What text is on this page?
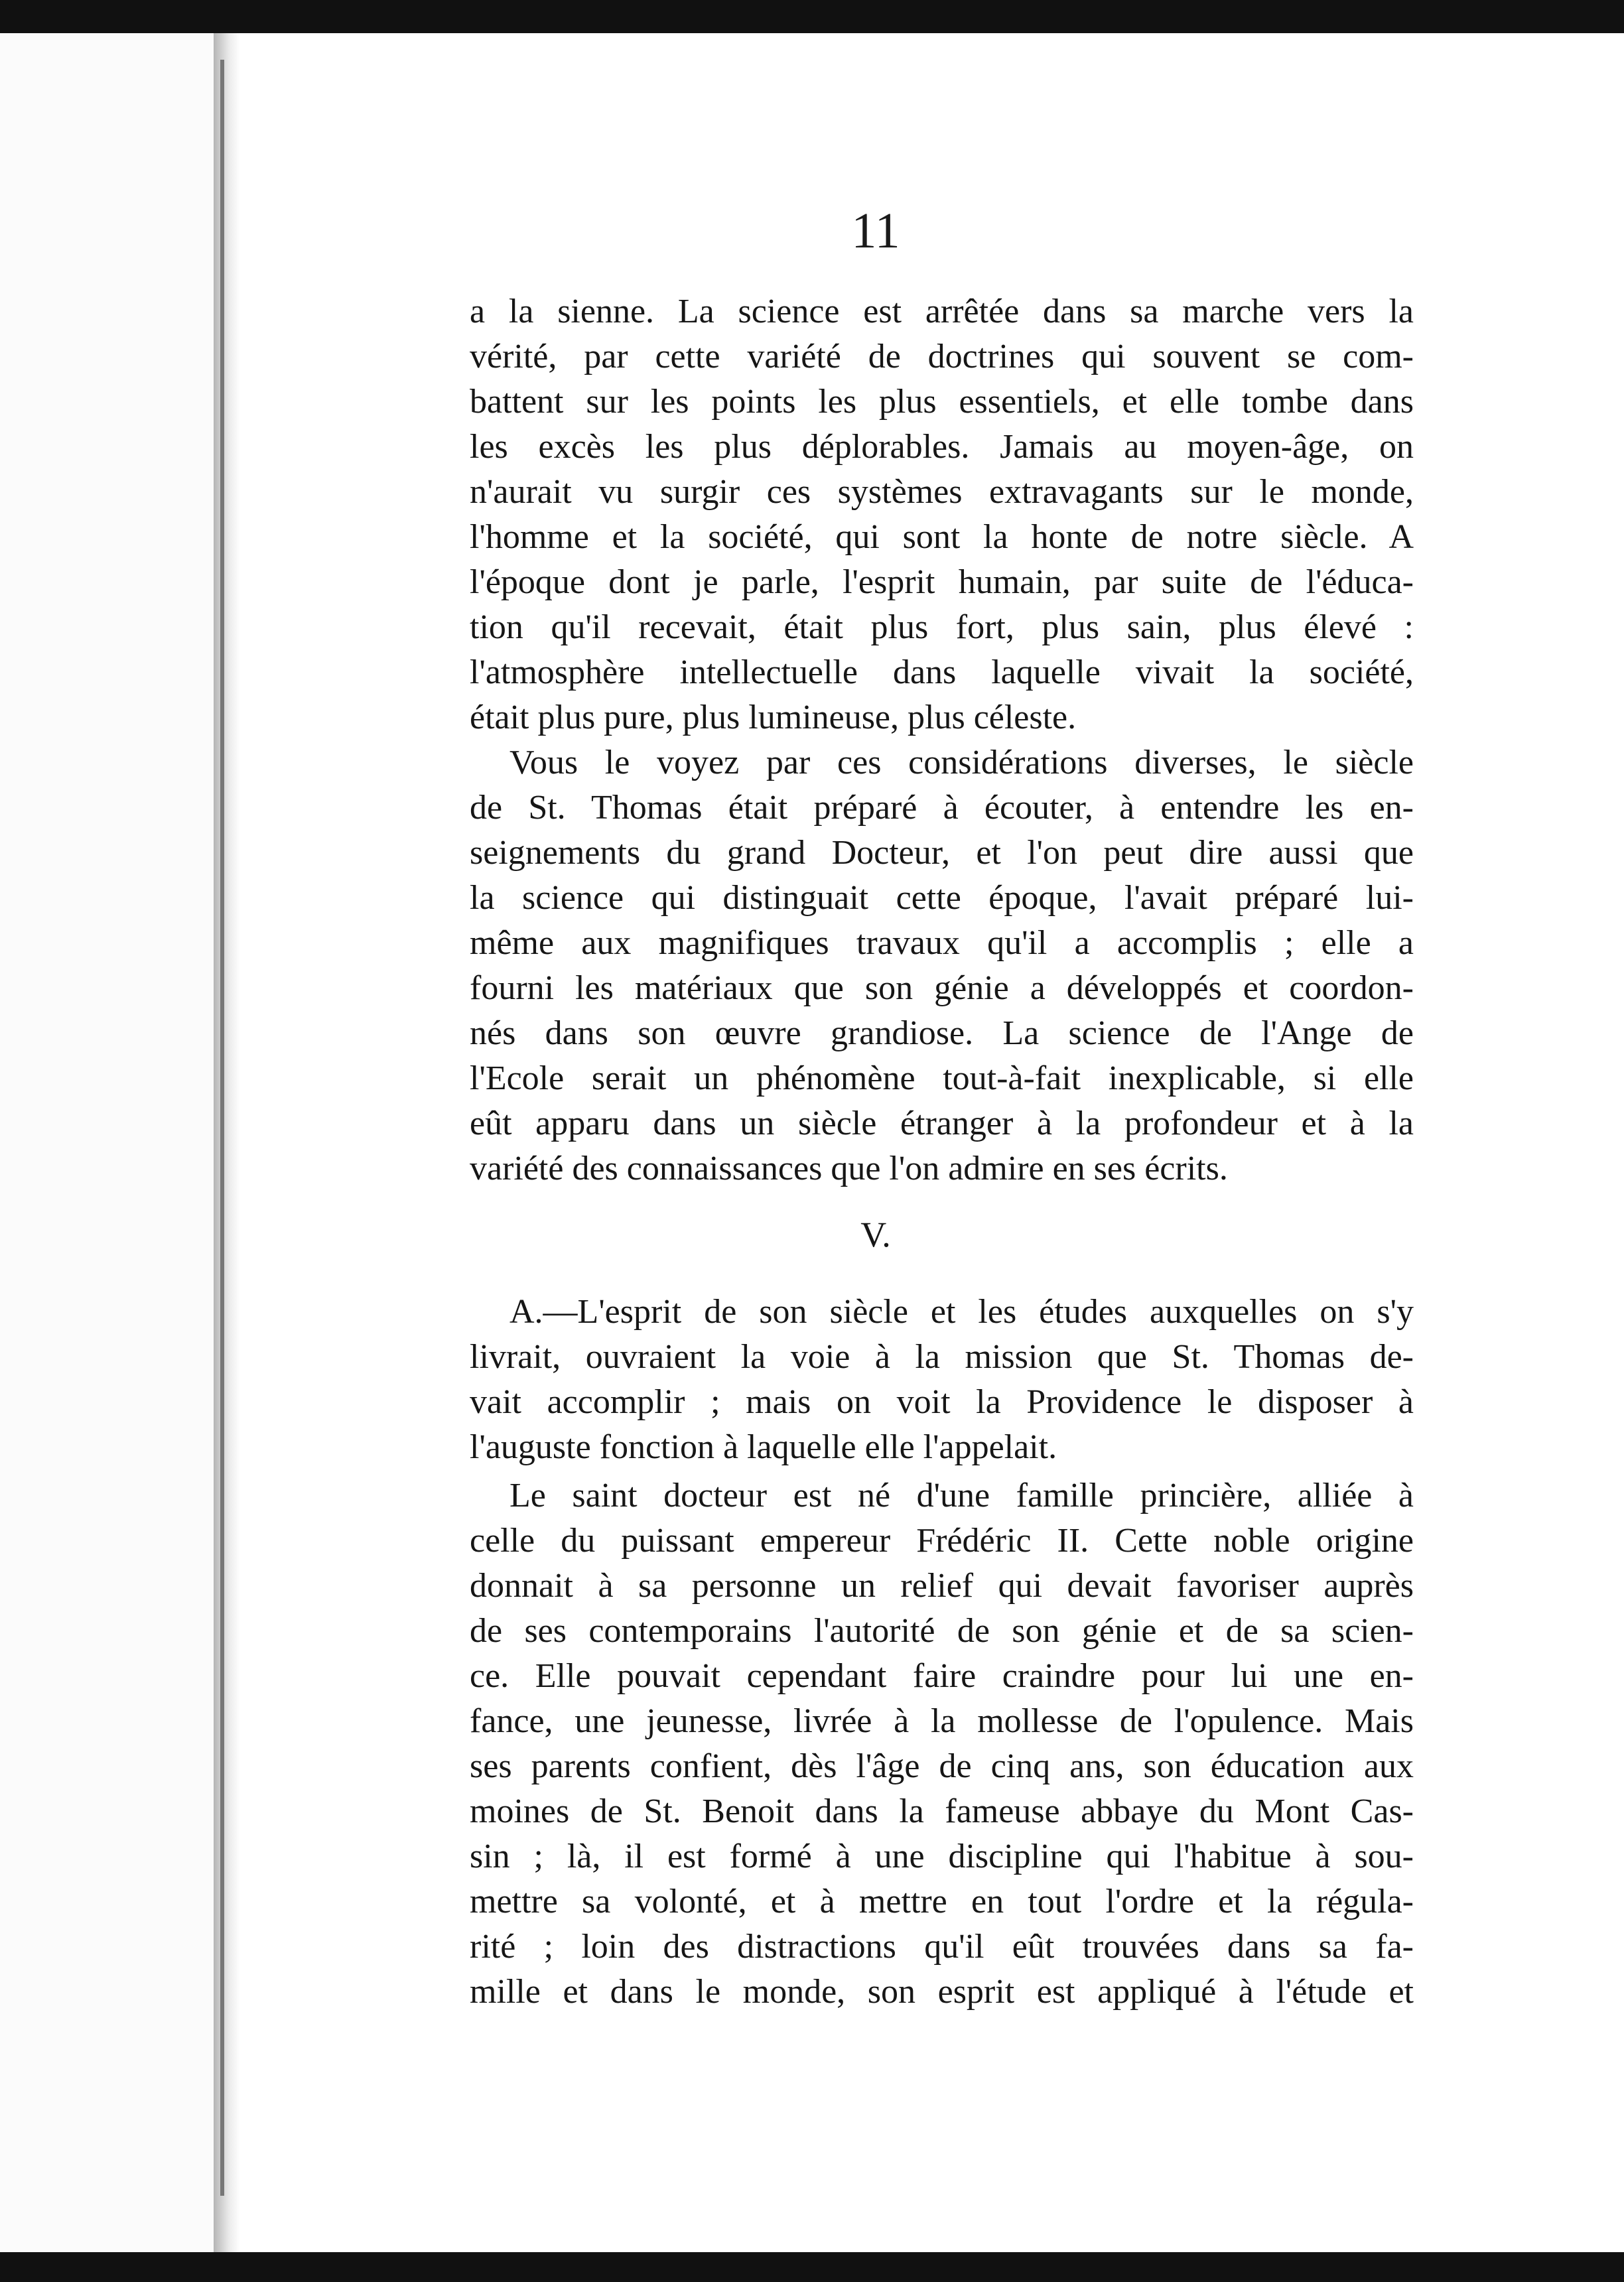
11
a la sienne. La science est arrêtée dans sa marche vers la
vérité, par cette variété de doctrines qui souvent se com-
battent sur les points les plus essentiels, et elle tombe dans
les excès les plus déplorables. Jamais au moyen-âge, on
n'aurait vu surgir ces systèmes extravagants sur le monde,
l'homme et la société, qui sont la honte de notre siècle. A
l'époque dont je parle, l'esprit humain, par suite de l'éduca-
tion qu'il recevait, était plus fort, plus sain, plus élevé :
l'atmosphère intellectuelle dans laquelle vivait la société,
était plus pure, plus lumineuse, plus céleste.
Vous le voyez par ces considérations diverses, le siècle
de St. Thomas était préparé à écouter, à entendre les en-
seignements du grand Docteur, et l'on peut dire aussi que
la science qui distinguait cette époque, l'avait préparé lui-
même aux magnifiques travaux qu'il a accomplis ; elle a
fourni les matériaux que son génie a développés et coordon-
nés dans son œuvre grandiose. La science de l'Ange de
l'Ecole serait un phénomène tout-à-fait inexplicable, si elle
eût apparu dans un siècle étranger à la profondeur et à la
variété des connaissances que l'on admire en ses écrits.
V.
A.—L'esprit de son siècle et les études auxquelles on s'y
livrait, ouvraient la voie à la mission que St. Thomas de-
vait accomplir ; mais on voit la Providence le disposer à
l'auguste fonction à laquelle elle l'appelait.
Le saint docteur est né d'une famille princière, alliée à
celle du puissant empereur Frédéric II. Cette noble origine
donnait à sa personne un relief qui devait favoriser auprès
de ses contemporains l'autorité de son génie et de sa scien-
ce. Elle pouvait cependant faire craindre pour lui une en-
fance, une jeunesse, livrée à la mollesse de l'opulence. Mais
ses parents confient, dès l'âge de cinq ans, son éducation aux
moines de St. Benoit dans la fameuse abbaye du Mont Cas-
sin ; là, il est formé à une discipline qui l'habitue à sou-
mettre sa volonté, et à mettre en tout l'ordre et la régula-
rité ; loin des distractions qu'il eût trouvées dans sa fa-
mille et dans le monde, son esprit est appliqué à l'étude et
